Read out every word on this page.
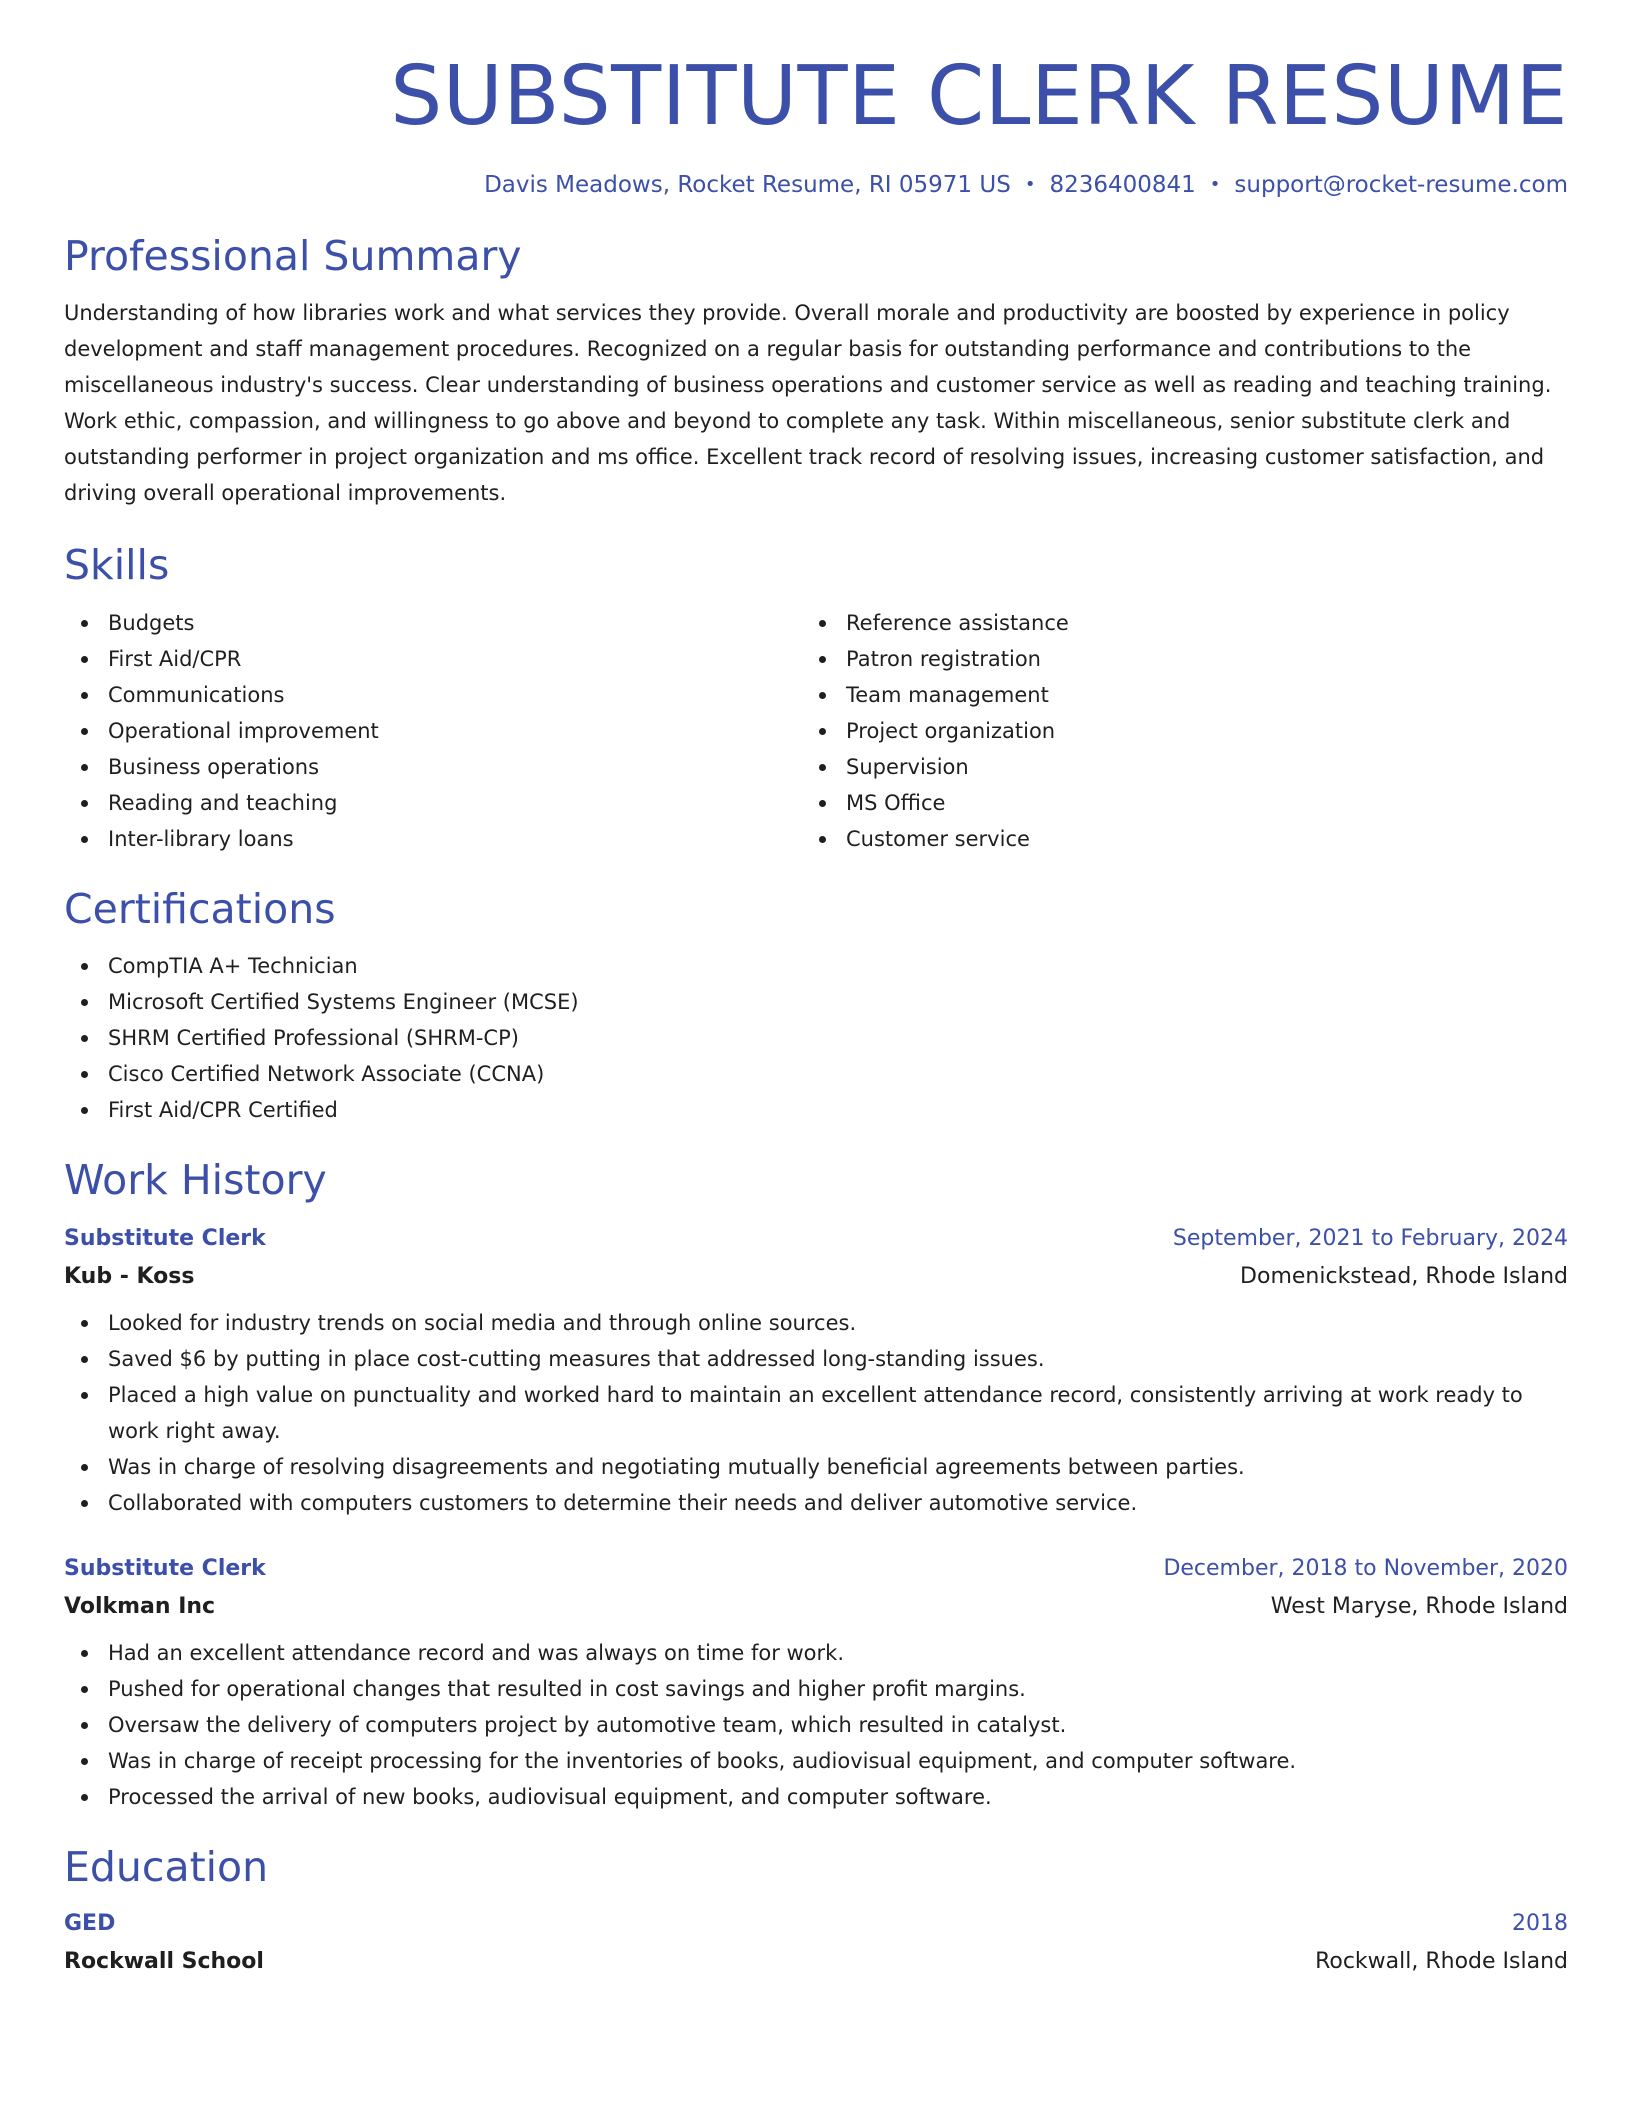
SUBSTITUTE CLERK RESUME
Davis Meadows, Rocket Resume, RI 05971 US • 8236400841 • support@rocket-resume.com
Professional Summary

Understanding of how libraries work and what services they provide. Overall morale and productivity are boosted by experience in policy development and staff management procedures. Recognized on a regular basis for outstanding performance and contributions to the miscellaneous industry's success. Clear understanding of business operations and customer service as well as reading and teaching training. Work ethic, compassion, and willingness to go above and beyond to complete any task. Within miscellaneous, senior substitute clerk and outstanding performer in project organization and ms office. Excellent track record of resolving issues, increasing customer satisfaction, and driving overall operational improvements.

Skills
Budgets
First Aid/CPR
Communications
Operational improvement
Business operations
Reading and teaching
Inter-library loans
Reference assistance
Patron registration
Team management
Project organization
Supervision
MS Office
Customer service
Certifications
CompTIA A+ Technician
Microsoft Certified Systems Engineer (MCSE)
SHRM Certified Professional (SHRM-CP)
Cisco Certified Network Associate (CCNA)
First Aid/CPR Certified
Work History
Substitute Clerk	September, 2021 to February, 2024
Kub - Koss	Domenickstead, Rhode Island
Looked for industry trends on social media and through online sources.
Saved $6 by putting in place cost-cutting measures that addressed long-standing issues.
Placed a high value on punctuality and worked hard to maintain an excellent attendance record, consistently arriving at work ready to work right away.
Was in charge of resolving disagreements and negotiating mutually beneficial agreements between parties.
Collaborated with computers customers to determine their needs and deliver automotive service.
Substitute Clerk	December, 2018 to November, 2020
Volkman Inc	West Maryse, Rhode Island
Had an excellent attendance record and was always on time for work.
Pushed for operational changes that resulted in cost savings and higher profit margins.
Oversaw the delivery of computers project by automotive team, which resulted in catalyst.
Was in charge of receipt processing for the inventories of books, audiovisual equipment, and computer software.
Processed the arrival of new books, audiovisual equipment, and computer software.
Education
GED	2018
Rockwall School	Rockwall, Rhode Island
